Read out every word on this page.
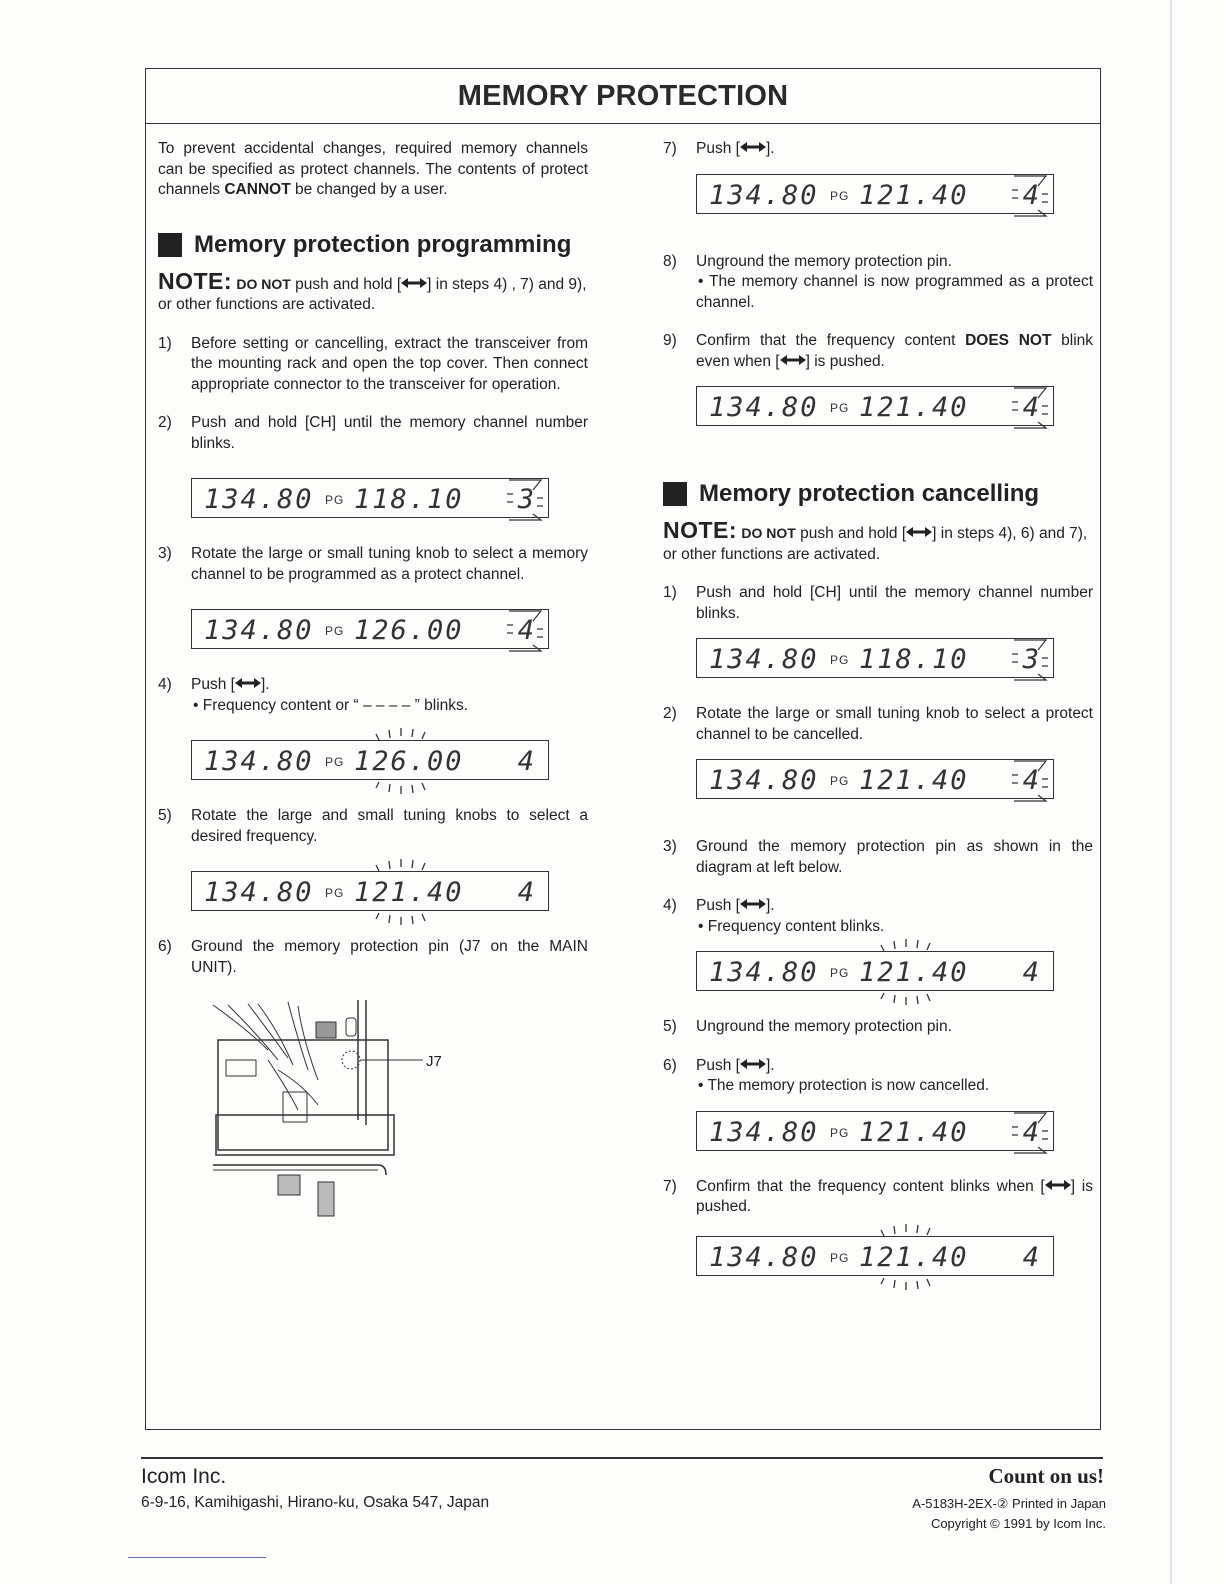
MEMORY PROTECTION

To prevent accidental changes, required memory channels can be specified as protect channels. The contents of protect channels CANNOT be changed by a user.

Memory protection programming
NOTE: DO NOT push and hold [ ] in steps 4) , 7) and 9), or other functions are activated.
1)	Before setting or cancelling, extract the transceiver from the mounting rack and open the top cover. Then connect appropriate connector to the transceiver for operation.
2)	Push and hold [CH] until the memory channel number blinks.
134.80 PG 118.10 3
3)	Rotate the large or small tuning knob to select a memory channel to be programmed as a protect channel.
134.80 PG 126.00 4
4)	Push [ ].
• Frequency content or “ – – – – ” blinks.
134.80 PG 126.00 4
5)	Rotate the large and small tuning knobs to select a desired frequency.
134.80 PG 121.40 4
6)	Ground the memory protection pin (J7 on the MAIN UNIT).
J7
7)	Push [ ].
134.80 PG 121.40 4
8)	Unground the memory protection pin.
• The memory channel is now programmed as a protect channel.
9)	Confirm that the frequency content DOES NOT blink even when [ ] is pushed.
134.80 PG 121.40 4
Memory protection cancelling
NOTE: DO NOT push and hold [ ] in steps 4), 6) and 7), or other functions are activated.
1)	Push and hold [CH] until the memory channel number blinks.
134.80 PG 118.10 3
2)	Rotate the large or small tuning knob to select a protect channel to be cancelled.
134.80 PG 121.40 4
3)	Ground the memory protection pin as shown in the diagram at left below.
4)	Push [ ].
• Frequency content blinks.
134.80 PG 121.40 4
5)	Unground the memory protection pin.
6)	Push [ ].
• The memory protection is now cancelled.
134.80 PG 121.40 4
7)	Confirm that the frequency content blinks when [ ] is pushed.
134.80 PG 121.40 4
Icom Inc.
6-9-16, Kamihigashi, Hirano-ku, Osaka 547, Japan
Count on us!
A-5183H-2EX-② Printed in Japan
Copyright © 1991 by Icom Inc.
